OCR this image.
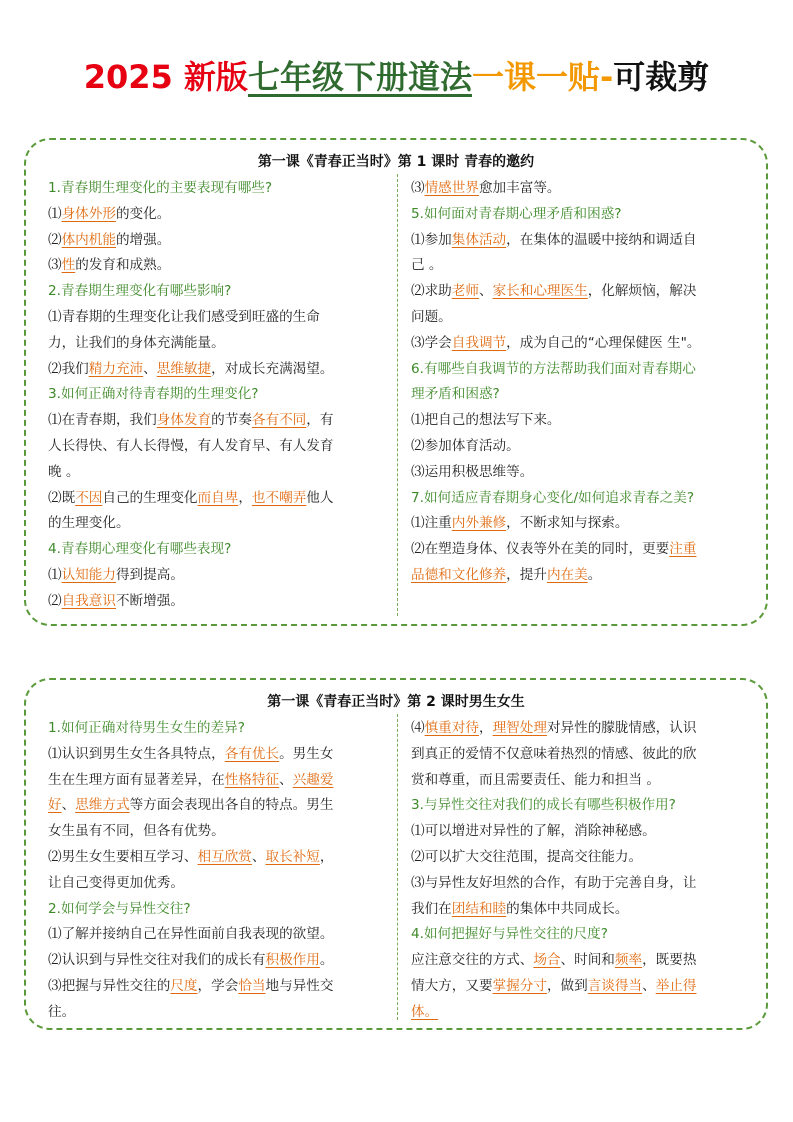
2025 新版七年级下册道法一课一贴-可裁剪
第一课《青春正当时》第 1 课时 青春的邀约
1.青春期生理变化的主要表现有哪些?
⑴身体外形的变化。
⑵体内机能的增强。
⑶性的发育和成熟。
2.青春期生理变化有哪些影响?
⑴青春期的生理变化让我们感受到旺盛的生命
力，让我们的身体充满能量。
⑵我们精力充沛、思维敏捷，对成长充满渴望。
3.如何正确对待青春期的生理变化?
⑴在青春期，我们身体发育的节奏各有不同，有
人长得快、有人长得慢，有人发育早、有人发育
晚 。
⑵既不因自己的生理变化而自卑，也不嘲弄他人
的生理变化。
4.青春期心理变化有哪些表现?
⑴认知能力得到提高。
⑵自我意识不断增强。
⑶情感世界愈加丰富等。
5.如何面对青春期心理矛盾和困惑?
⑴参加集体活动，在集体的温暖中接纳和调适自
己 。
⑵求助老师、家长和心理医生，化解烦恼，解决
问题。
⑶学会自我调节，成为自己的“心理保健医 生"。
6.有哪些自我调节的方法帮助我们面对青春期心
理矛盾和困惑?
⑴把自己的想法写下来。
⑵参加体育活动。
⑶运用积极思维等。
7.如何适应青春期身心变化/如何追求青春之美?
⑴注重内外兼修，不断求知与探索。
⑵在塑造身体、仪表等外在美的同时，更要注重
品德和文化修养，提升内在美。
第一课《青春正当时》第 2 课时男生女生
1.如何正确对待男生女生的差异?
⑴认识到男生女生各具特点，各有优长。男生女
生在生理方面有显著差异，在性格特征、兴趣爱
好、思维方式等方面会表现出各自的特点。男生
女生虽有不同，但各有优势。
⑵男生女生要相互学习、相互欣赏、取长补短，
让自己变得更加优秀。
2.如何学会与异性交往?
⑴了解并接纳自己在异性面前自我表现的欲望。
⑵认识到与异性交往对我们的成长有积极作用。
⑶把握与异性交往的尺度，学会恰当地与异性交
往。
⑷慎重对待，理智处理对异性的朦胧情感，认识
到真正的爱情不仅意味着热烈的情感、彼此的欣
赏和尊重，而且需要责任、能力和担当 。
3.与异性交往对我们的成长有哪些积极作用?
⑴可以增进对异性的了解，消除神秘感。
⑵可以扩大交往范围，提高交往能力。
⑶与异性友好坦然的合作，有助于完善自身，让
我们在团结和睦的集体中共同成长。
4.如何把握好与异性交往的尺度?
应注意交往的方式、场合、时间和频率，既要热
情大方，又要掌握分寸，做到言谈得当、举止得
体。
